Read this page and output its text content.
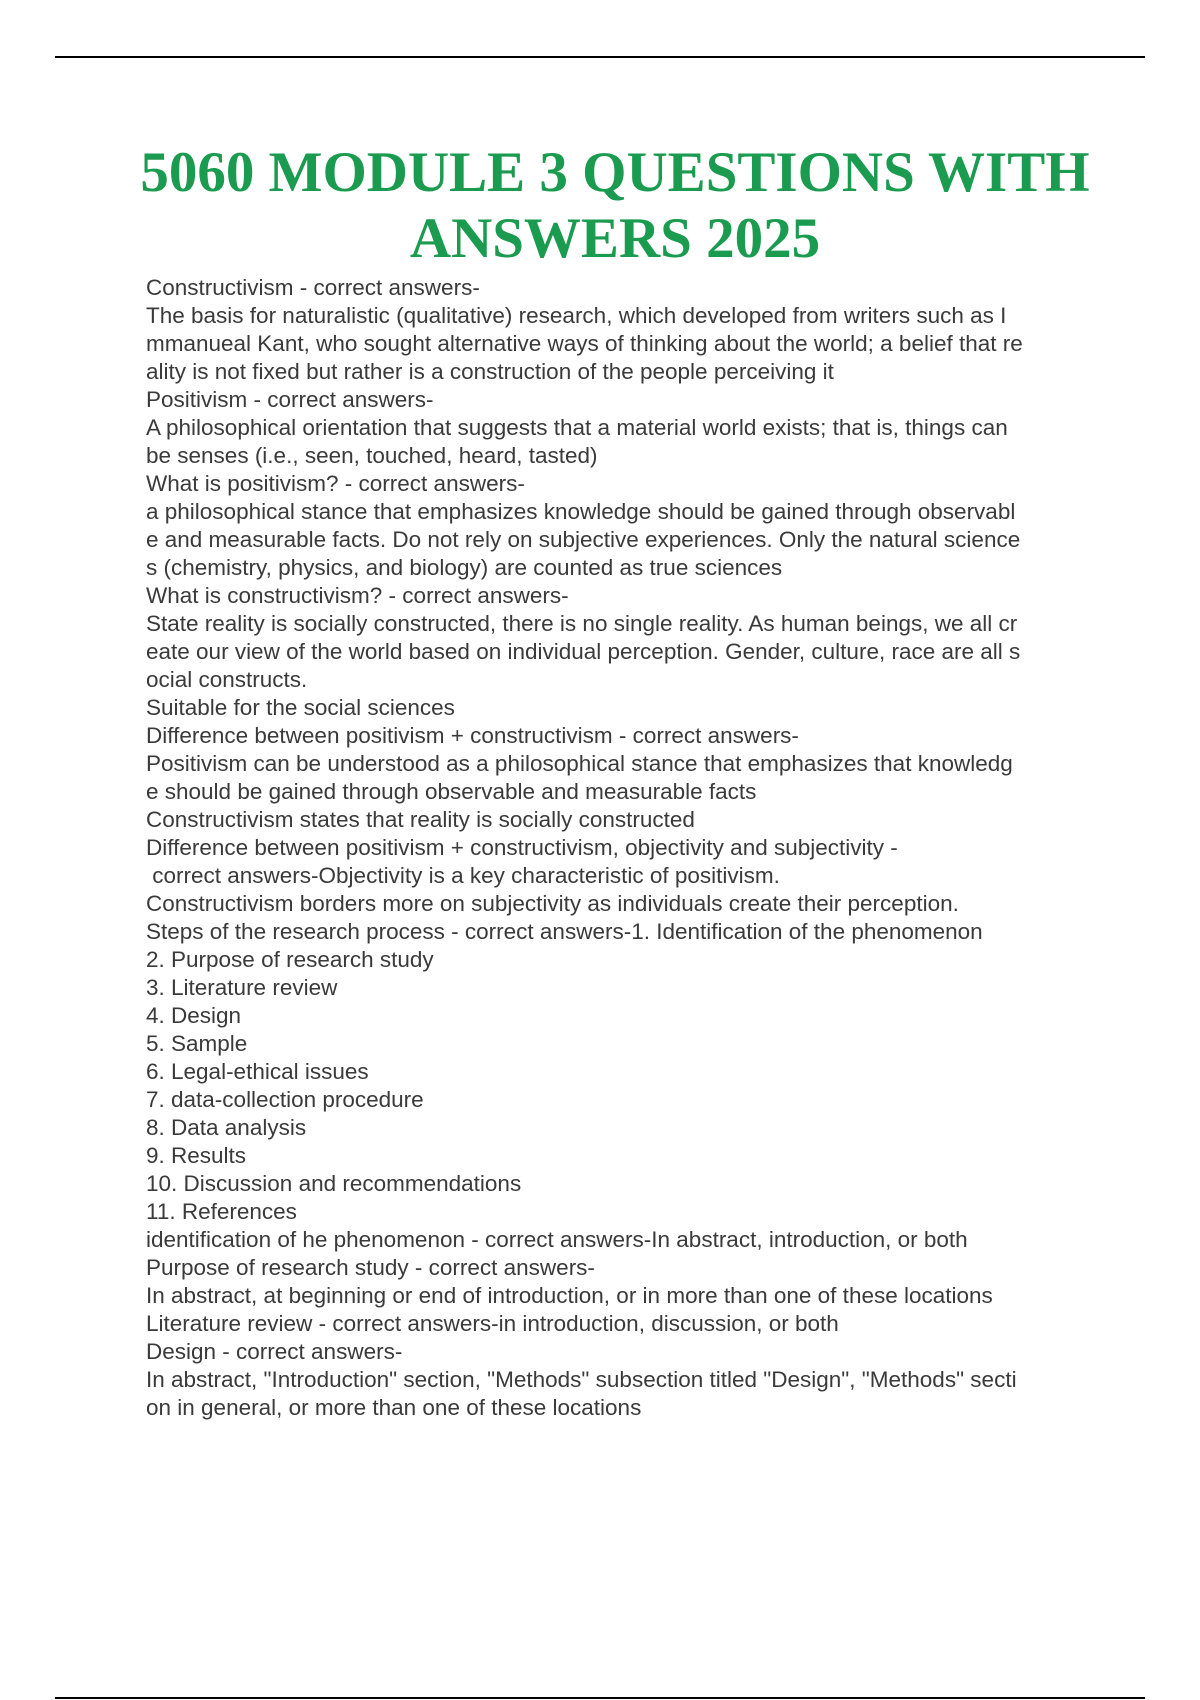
5060 MODULE 3 QUESTIONS WITH
ANSWERS 2025

Constructivism - correct answers-

The basis for naturalistic (qualitative) research, which developed from writers such as I

mmanueal Kant, who sought alternative ways of thinking about the world; a belief that re

ality is not fixed but rather is a construction of the people perceiving it

Positivism - correct answers-

A philosophical orientation that suggests that a material world exists; that is, things can

be senses (i.e., seen, touched, heard, tasted)

What is positivism? - correct answers-

a philosophical stance that emphasizes knowledge should be gained through observabl

e and measurable facts. Do not rely on subjective experiences. Only the natural science

s (chemistry, physics, and biology) are counted as true sciences

What is constructivism? - correct answers-

State reality is socially constructed, there is no single reality. As human beings, we all cr

eate our view of the world based on individual perception. Gender, culture, race are all s

ocial constructs.

Suitable for the social sciences

Difference between positivism + constructivism - correct answers-

Positivism can be understood as a philosophical stance that emphasizes that knowledg

e should be gained through observable and measurable facts

Constructivism states that reality is socially constructed

Difference between positivism + constructivism, objectivity and subjectivity -

correct answers-Objectivity is a key characteristic of positivism.

Constructivism borders more on subjectivity as individuals create their perception.

Steps of the research process - correct answers-1. Identification of the phenomenon

2. Purpose of research study

3. Literature review

4. Design

5. Sample

6. Legal-ethical issues

7. data-collection procedure

8. Data analysis

9. Results

10. Discussion and recommendations

11. References

identification of he phenomenon - correct answers-In abstract, introduction, or both

Purpose of research study - correct answers-

In abstract, at beginning or end of introduction, or in more than one of these locations

Literature review - correct answers-in introduction, discussion, or both

Design - correct answers-

In abstract, "Introduction" section, "Methods" subsection titled "Design", "Methods" secti

on in general, or more than one of these locations
